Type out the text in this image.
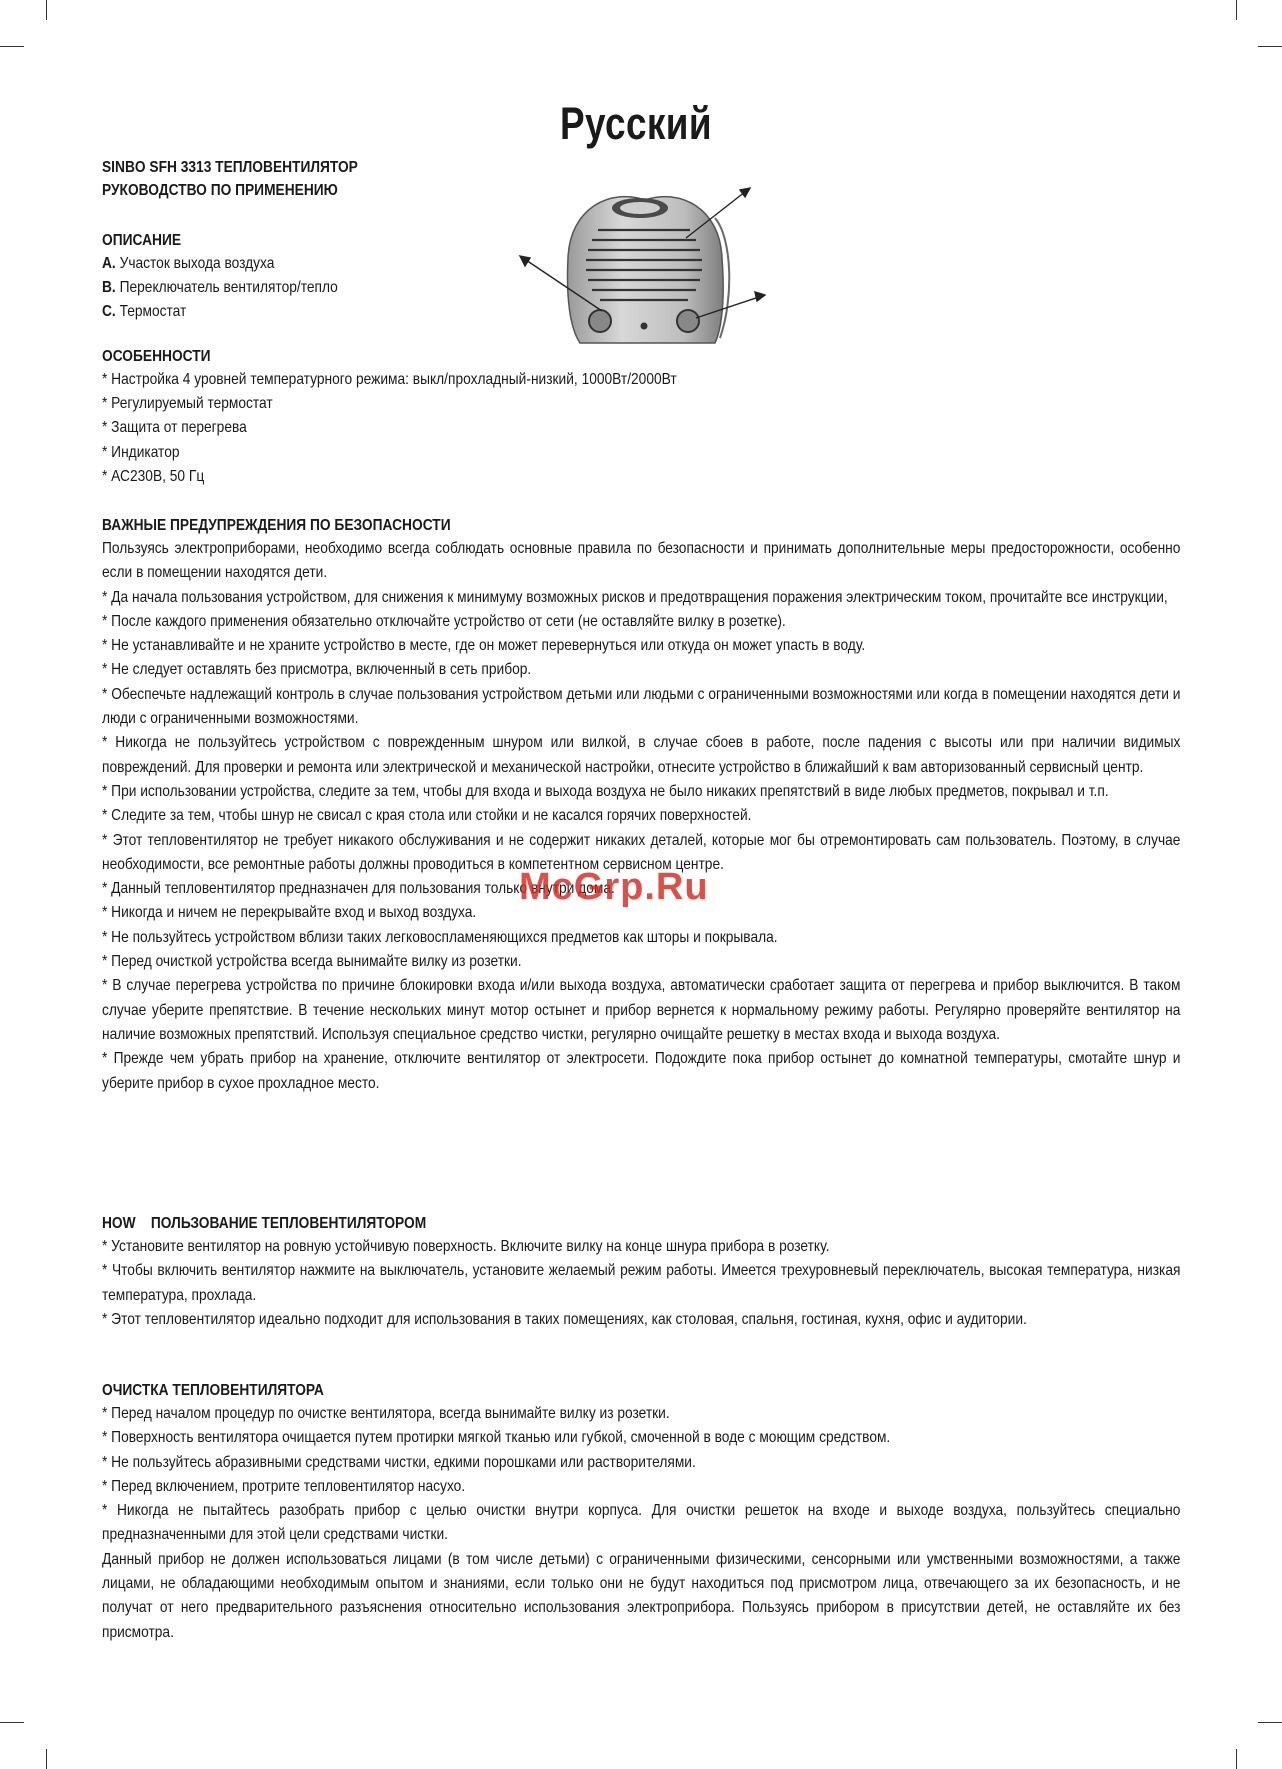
Русский
SINBO SFH 3313 ТЕПЛОВЕНТИЛЯТОР
РУКОВОДСТВО ПО ПРИМЕНЕНИЮ
ОПИСАНИЕ
A. Участок выхода воздуха
B. Переключатель вентилятор/тепло
C. Термостат
ОСОБЕННОСТИ
* Настройка 4 уровней температурного режима: выкл/прохладный-низкий, 1000Вт/2000Вт
* Регулируемый термостат
* Защита от перегрева
* Индикатор
* АС230В, 50 Гц
ВАЖНЫЕ ПРЕДУПРЕЖДЕНИЯ ПО БЕЗОПАСНОСТИ

Пользуясь электроприборами, необходимо всегда соблюдать основные правила по безопасности и принимать дополнительные меры предосторожности, особенно если в помещении находятся дети.

* Да начала пользования устройством, для снижения к минимуму возможных рисков и предотвращения поражения электрическим током, прочитайте все инструкции,

* После каждого применения обязательно отключайте устройство от сети (не оставляйте вилку в розетке).

* Не устанавливайте и не храните устройство в месте, где он может перевернуться или откуда он может упасть в воду.

* Не следует оставлять без присмотра, включенный в сеть прибор.

* Обеспечьте надлежащий контроль в случае пользования устройством детьми или людьми с ограниченными возможностями или когда в помещении находятся дети и люди с ограниченными возможностями.

* Никогда не пользуйтесь устройством с поврежденным шнуром или вилкой, в случае сбоев в работе, после падения с высоты или при наличии видимых повреждений. Для проверки и ремонта или электрической и механической настройки, отнесите устройство в ближайший к вам авторизованный сервисный центр.

* При использовании устройства, следите за тем, чтобы для входа и выхода воздуха не было никаких препятствий в виде любых предметов, покрывал и т.п.

* Следите за тем, чтобы шнур не свисал с края стола или стойки и не касался горячих поверхностей.

* Этот тепловентилятор не требует никакого обслуживания и не содержит никаких деталей, которые мог бы отремонтировать сам пользователь. Поэтому, в случае необходимости, все ремонтные работы должны проводиться в компетентном сервисном центре.

* Данный тепловентилятор предназначен для пользования только внутри дома.

* Никогда и ничем не перекрывайте вход и выход воздуха.

* Не пользуйтесь устройством вблизи таких легковоспламеняющихся предметов как шторы и покрывала.

* Перед очисткой устройства всегда вынимайте вилку из розетки.

* В случае перегрева устройства по причине блокировки входа и/или выхода воздуха, автоматически сработает защита от перегрева и прибор выключится. В таком случае уберите препятствие. В течение нескольких минут мотор остынет и прибор вернется к нормальному режиму работы. Регулярно проверяйте вентилятор на наличие возможных препятствий. Используя специальное средство чистки, регулярно очищайте решетку в местах входа и выхода воздуха.

* Прежде чем убрать прибор на хранение, отключите вентилятор от электросети. Подождите пока прибор остынет до комнатной температуры, смотайте шнур и уберите прибор в сухое прохладное место.

HOW    ПОЛЬЗОВАНИЕ ТЕПЛОВЕНТИЛЯТОРОМ

* Установите вентилятор на ровную устойчивую поверхность. Включите вилку на конце шнура прибора в розетку.

* Чтобы включить вентилятор нажмите на выключатель, установите желаемый режим работы. Имеется трехуровневый переключатель, высокая температура, низкая температура, прохлада.

* Этот тепловентилятор идеально подходит для использования в таких помещениях, как столовая, спальня, гостиная, кухня, офис и аудитории.

ОЧИСТКА ТЕПЛОВЕНТИЛЯТОРА

* Перед началом процедур по очистке вентилятора, всегда вынимайте вилку из розетки.

* Поверхность вентилятора очищается путем протирки мягкой тканью или губкой, смоченной в воде с моющим средством.

* Не пользуйтесь абразивными средствами чистки, едкими порошками или растворителями.

* Перед включением, протрите тепловентилятор насухо.

* Никогда не пытайтесь разобрать прибор с целью очистки внутри корпуса. Для очистки решеток на входе и выходе воздуха, пользуйтесь специально предназначенными для этой цели средствами чистки.

Данный прибор не должен использоваться лицами (в том числе детьми) с ограниченными физическими, сенсорными или умственными возможностями, а также лицами, не обладающими необходимым опытом и знаниями, если только они не будут находиться под присмотром лица, отвечающего за их безопасность, и не получат от него предварительного разъяснения относительно использования электроприбора. Пользуясь прибором в присутствии детей, не оставляйте их без присмотра.

McGrp.Ru
